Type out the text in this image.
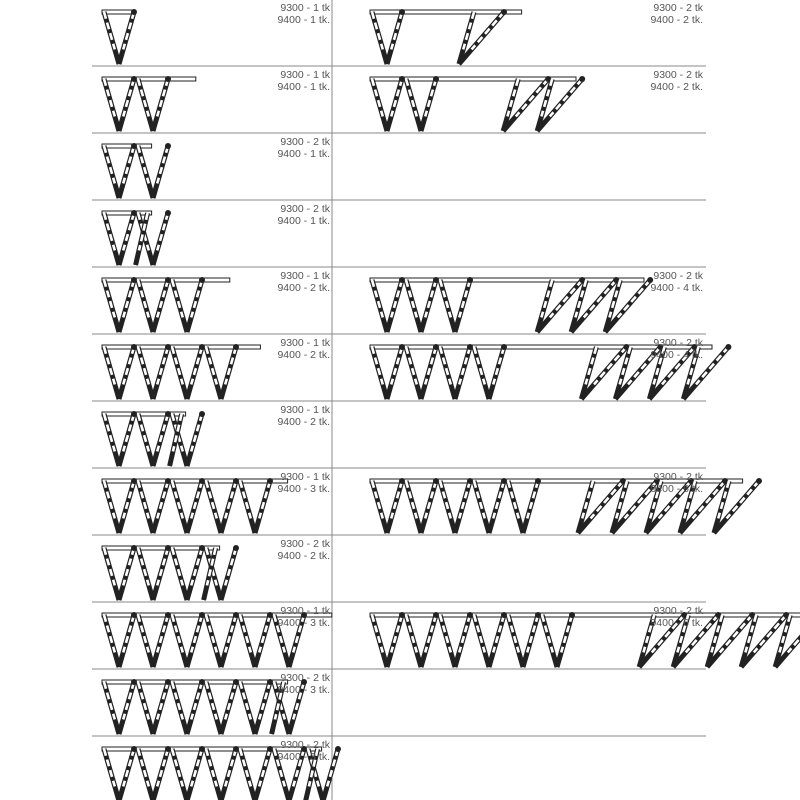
9300 - 1 tk
9400 - 1 tk.
9300 - 2 tk
9400 - 2 tk.
9300 - 1 tk
9400 - 1 tk.
9300 - 2 tk
9400 - 2 tk.
9300 - 2 tk
9400 - 1 tk.
9300 - 2 tk
9400 - 1 tk.
9300 - 1 tk
9400 - 2 tk.
9300 - 2 tk
9400 - 4 tk.
9300 - 1 tk
9400 - 2 tk.
9300 - 2 tk
9400 - 4 tk.
9300 - 1 tk
9400 - 2 tk.
9300 - 1 tk
9400 - 3 tk.
9300 - 2 tk
9400 - 6 tk.
9300 - 2 tk
9400 - 2 tk.
9300 - 1 tk
9400 - 3 tk.
9300 - 2 tk
9400 - 6 tk.
9300 - 2 tk
9400 - 3 tk.
9300 - 2 tk
9400 - 3 tk.
